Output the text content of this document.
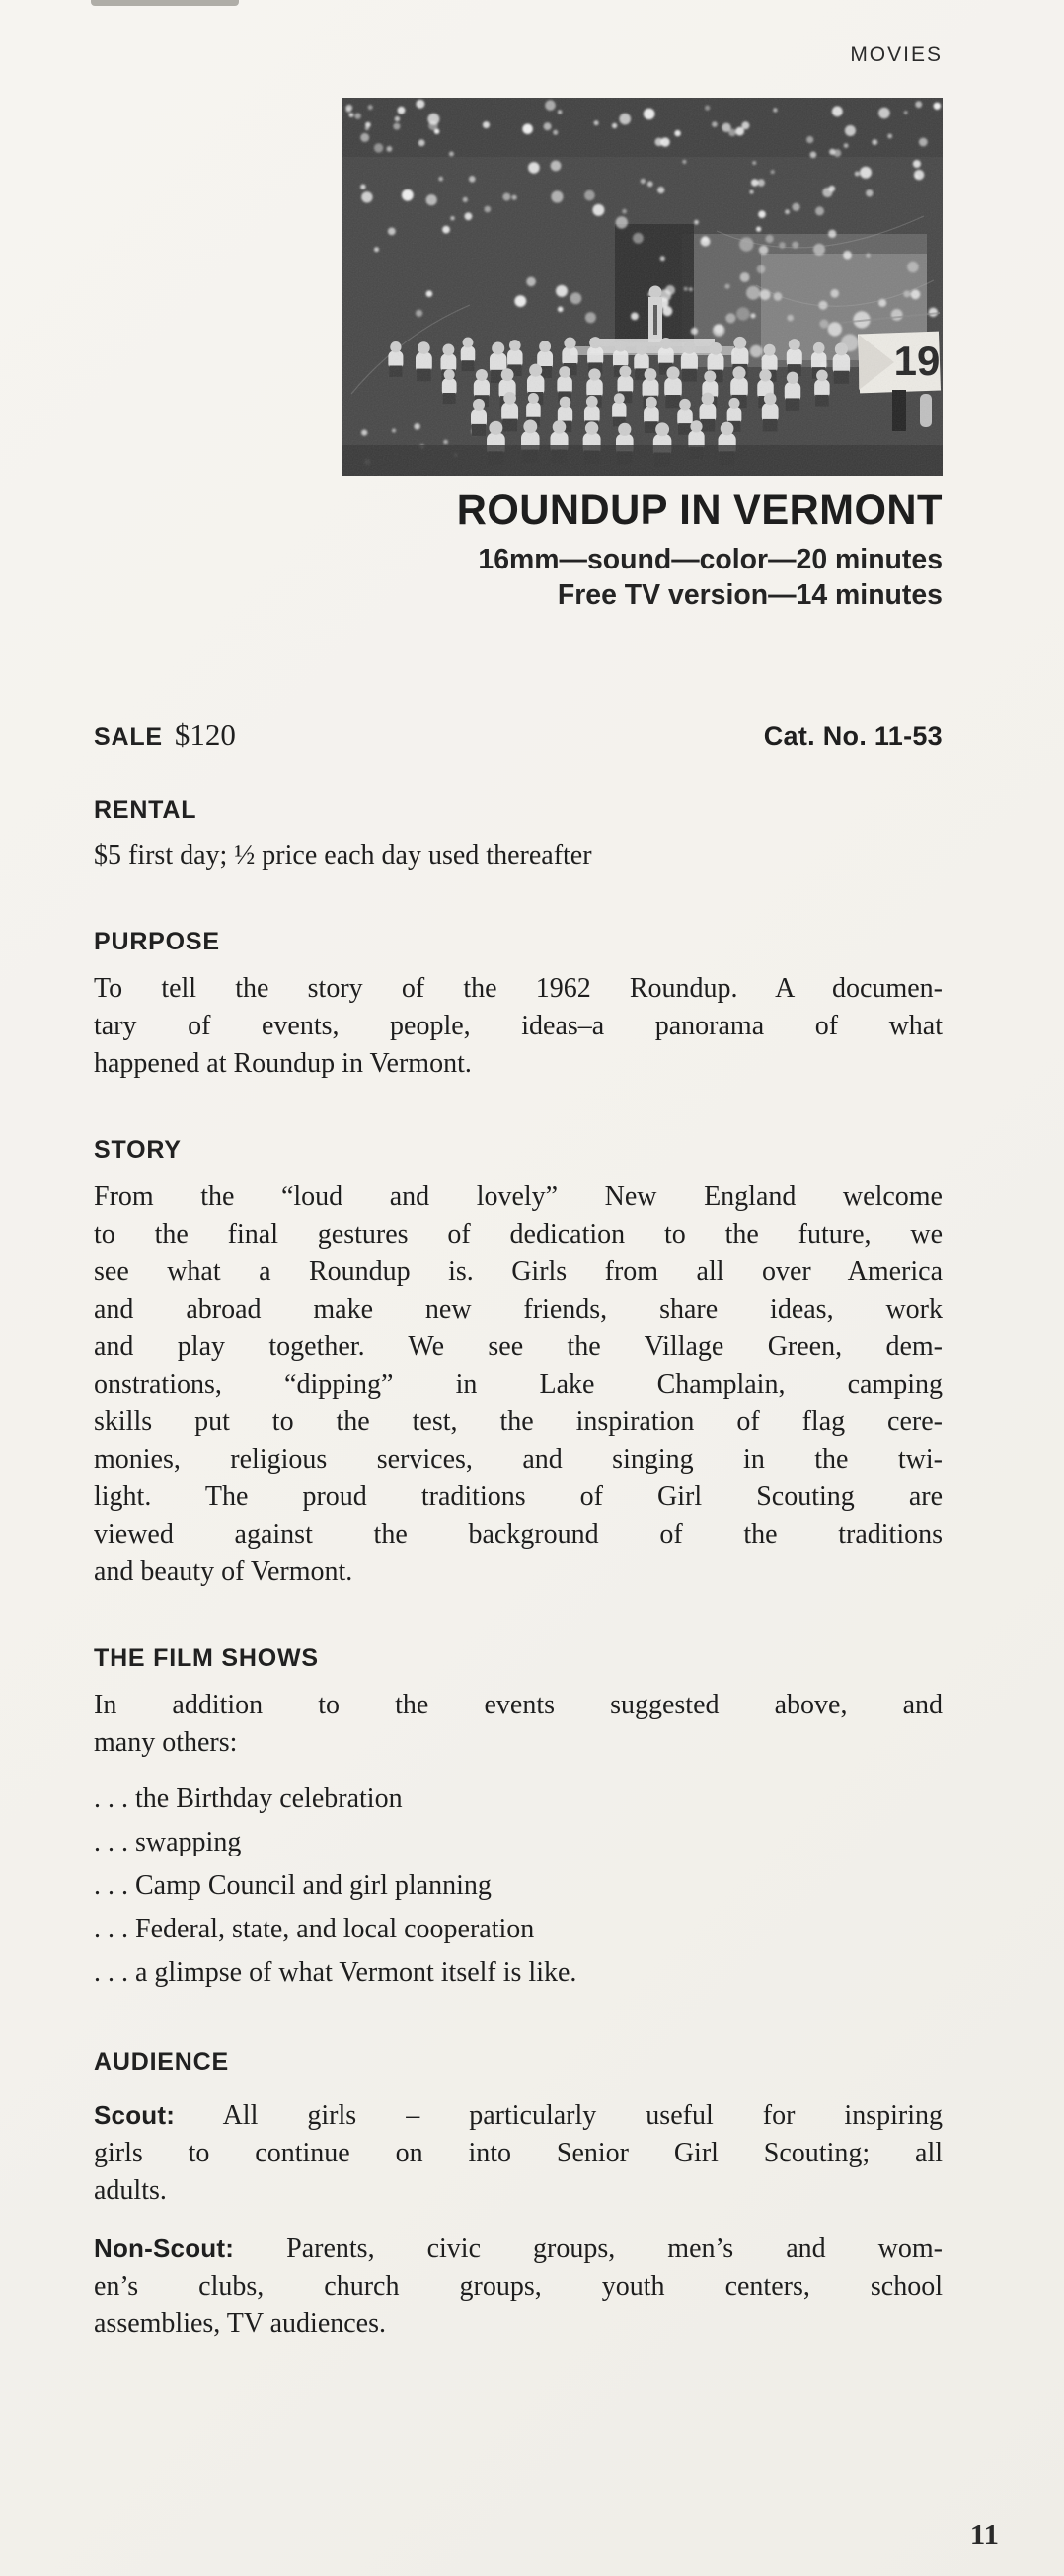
MOVIES
19
ROUNDUP IN VERMONT
16mm—sound—color—20 minutes
Free TV version—14 minutes
SALE $120	Cat. No. 11-53
RENTAL
$5 first day; ½ price each day used thereafter
PURPOSE
To tell the story of the 1962 Roundup. A documen-
tary of events, people, ideas–a panorama of what
happened at Roundup in Vermont.
STORY
From the “loud and lovely” New England welcome
to the final gestures of dedication to the future, we
see what a Roundup is. Girls from all over America
and abroad make new friends, share ideas, work
and play together. We see the Village Green, dem-
onstrations, “dipping” in Lake Champlain, camping
skills put to the test, the inspiration of flag cere-
monies, religious services, and singing in the twi-
light. The proud traditions of Girl Scouting are
viewed against the background of the traditions
and beauty of Vermont.
THE FILM SHOWS
In addition to the events suggested above, and
many others:
. . . the Birthday celebration
. . . swapping
. . . Camp Council and girl planning
. . . Federal, state, and local cooperation
. . . a glimpse of what Vermont itself is like.
AUDIENCE
Scout: All girls – particularly useful for inspiring
girls to continue on into Senior Girl Scouting; all
adults.
Non-Scout: Parents, civic groups, men’s and wom-
en’s clubs, church groups, youth centers, school
assemblies, TV audiences.
11
